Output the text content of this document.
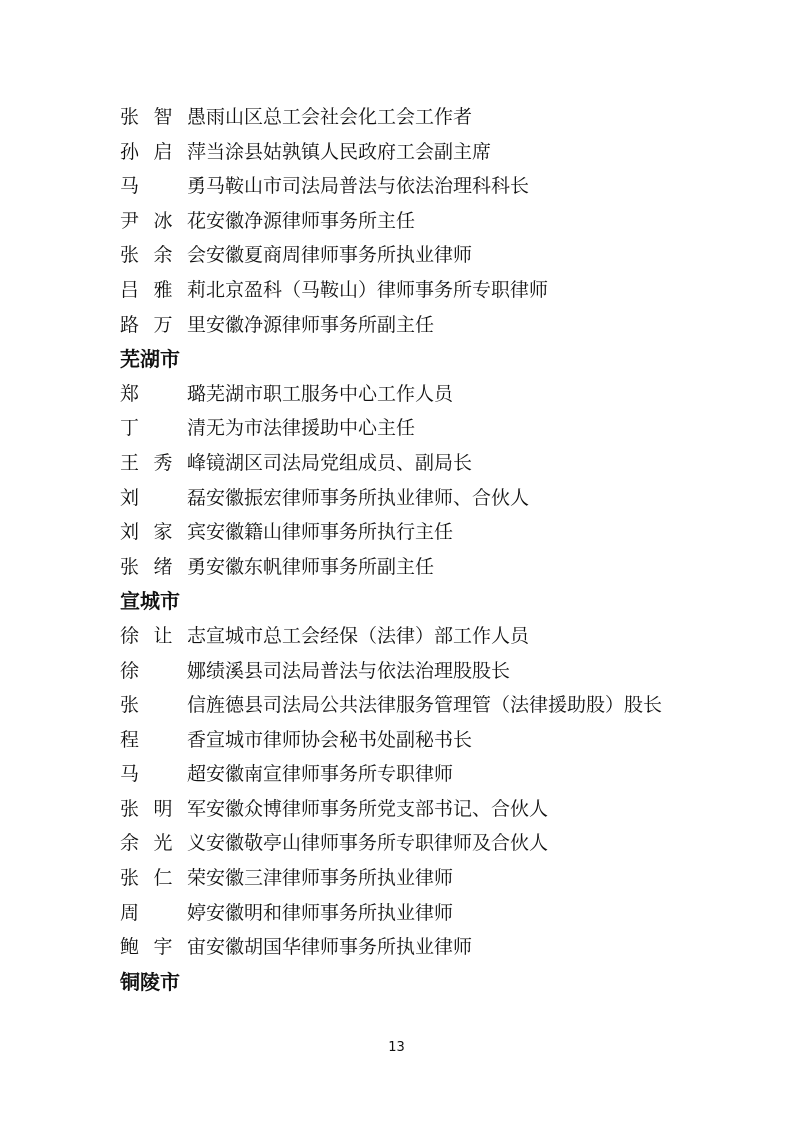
张智愚 雨山区总工会社会化工会工作者
孙启萍 当涂县姑孰镇人民政府工会副主席
马 勇 马鞍山市司法局普法与依法治理科科长
尹冰花 安徽净源律师事务所主任
张余会 安徽夏商周律师事务所执业律师
吕雅莉 北京盈科（马鞍山）律师事务所专职律师
路万里 安徽净源律师事务所副主任
芜湖市
郑 璐 芜湖市职工服务中心工作人员
丁 清 无为市法律援助中心主任
王秀峰 镜湖区司法局党组成员、副局长
刘 磊 安徽振宏律师事务所执业律师、合伙人
刘家宾 安徽籍山律师事务所执行主任
张绪勇 安徽东帆律师事务所副主任
宣城市
徐让志 宣城市总工会经保（法律）部工作人员
徐 娜 绩溪县司法局普法与依法治理股股长
张 信 旌德县司法局公共法律服务管理管（法律援助股）股长
程 香 宣城市律师协会秘书处副秘书长
马 超 安徽南宣律师事务所专职律师
张明军 安徽众博律师事务所党支部书记、合伙人
余光义 安徽敬亭山律师事务所专职律师及合伙人
张仁荣 安徽三津律师事务所执业律师
周 婷 安徽明和律师事务所执业律师
鲍宇宙 安徽胡国华律师事务所执业律师
铜陵市
13
